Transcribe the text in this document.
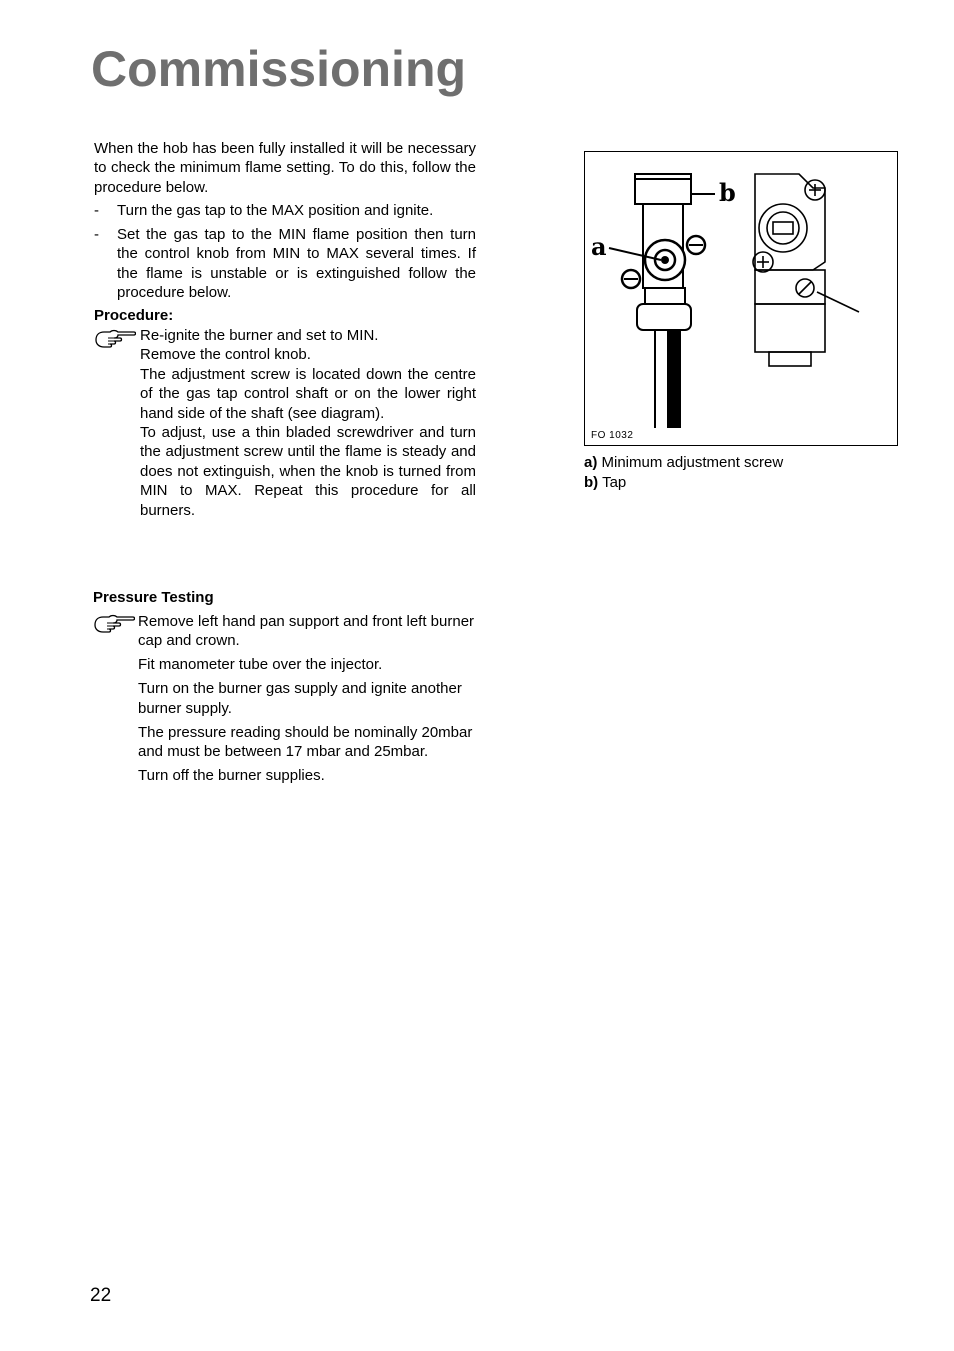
Commissioning
When the hob has been fully installed it will be necessary to check the minimum flame setting. To do this, follow the procedure below.
-	Turn the gas tap to the MAX position and ignite.
-	Set the gas tap to the MIN flame position then turn the control knob from MIN to MAX several times. If the flame is unstable or is extinguished follow the procedure below.
Procedure:

Re-ignite the burner and set to MIN.

Remove the control knob.

The adjustment screw is located down the centre of the gas tap control shaft or on the lower right hand side of the shaft (see diagram).

To adjust, use a thin bladed screwdriver and turn the adjustment screw until the flame is steady and does not extinguish, when the knob is turned from MIN to MAX. Repeat this procedure for all burners.

Pressure Testing

Remove left hand pan support and front left burner cap and crown.

Fit manometer tube over the injector.

Turn on the burner gas supply and ignite another burner supply.

The pressure reading should be nominally 20mbar and must be between 17 mbar and 25mbar.

Turn off the burner supplies.

a
b
FO 1032
a) Minimum adjustment screw
b) Tap
22
